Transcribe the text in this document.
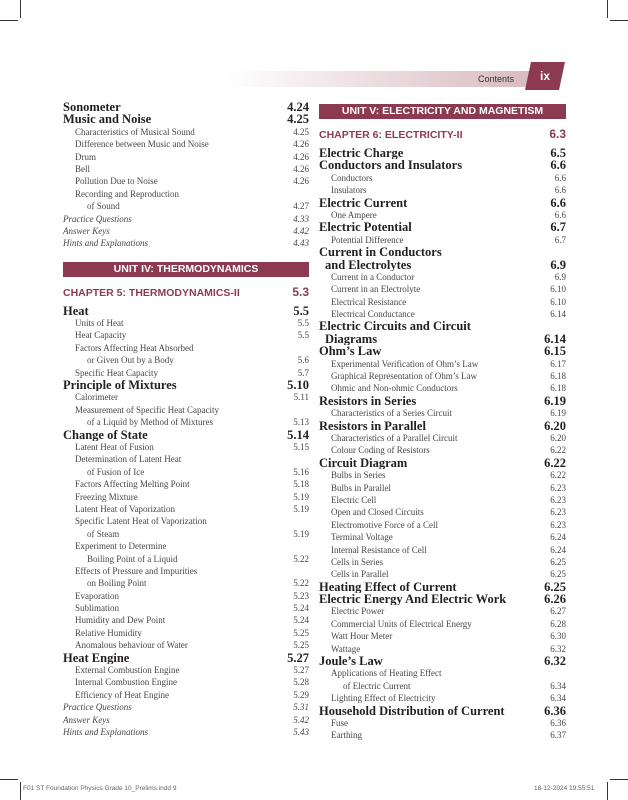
Contents	ix
Sonometer	4.24
Music and Noise	4.25
Characteristics of Musical Sound	4.25
Difference between Music and Noise	4.26
Drum	4.26
Bell	4.26
Pollution Due to Noise	4.26
Recording and Reproduction
of Sound	4.27
Practice Questions	4.33
Answer Keys	4.42
Hints and Explanations	4.43
UNIT IV: THERMODYNAMICS
CHAPTER 5: THERMODYNAMICS-II	5.3
Heat	5.5
Units of Heat	5.5
Heat Capacity	5.5
Factors Affecting Heat Absorbed
or Given Out by a Body	5.6
Specific Heat Capacity	5.7
Principle of Mixtures	5.10
Calorimeter	5.11
Measurement of Specific Heat Capacity
of a Liquid by Method of Mixtures	5.13
Change of State	5.14
Latent Heat of Fusion	5.15
Determination of Latent Heat
of Fusion of Ice	5.16
Factors Affecting Melting Point	5.18
Freezing Mixture	5.19
Latent Heat of Vaporization	5.19
Specific Latent Heat of Vaporization
of Steam	5.19
Experiment to Determine
Boiling Point of a Liquid	5.22
Effects of Pressure and Impurities
on Boiling Point	5.22
Evaporation	5.23
Sublimation	5.24
Humidity and Dew Point	5.24
Relative Humidity	5.25
Anomalous behaviour of Water	5.25
Heat Engine	5.27
External Combustion Engine	5.27
Internal Combustion Engine	5.28
Efficiency of Heat Engine	5.29
Practice Questions	5.31
Answer Keys	5.42
Hints and Explanations	5.43
UNIT V: ELECTRICITY AND MAGNETISM
CHAPTER 6: ELECTRICITY-II	6.3
Electric Charge	6.5
Conductors and Insulators	6.6
Conductors	6.6
Insulators	6.6
Electric Current	6.6
One Ampere	6.6
Electric Potential	6.7
Potential Difference	6.7
Current in Conductors
and Electrolytes	6.9
Current in a Conductor	6.9
Current in an Electrolyte	6.10
Electrical Resistance	6.10
Electrical Conductance	6.14
Electric Circuits and Circuit
Diagrams	6.14
Ohm’s Law	6.15
Experimental Verification of Ohm’s Law	6.17
Graphical Representation of Ohm’s Law	6.18
Ohmic and Non-ohmic Conductors	6.18
Resistors in Series	6.19
Characteristics of a Series Circuit	6.19
Resistors in Parallel	6.20
Characteristics of a Parallel Circuit	6.20
Colour Coding of Resistors	6.22
Circuit Diagram	6.22
Bulbs in Series	6.22
Bulbs in Parallel	6.23
Electric Cell	6.23
Open and Closed Circuits	6.23
Electromotive Force of a Cell	6.23
Terminal Voltage	6.24
Internal Resistance of Cell	6.24
Cells in Series	6.25
Cells in Parallel	6.25
Heating Effect of Current	6.25
Electric Energy And Electric Work	6.26
Electric Power	6.27
Commercial Units of Electrical Energy	6.28
Watt Hour Meter	6.30
Wattage	6.32
Joule’s Law	6.32
Applications of Heating Effect
of Electric Current	6.34
Lighting Effect of Electricity	6.34
Household Distribution of Current	6.36
Fuse	6.36
Earthing	6.37
F01 ST Foundation Physics Grade 10_Prelims.indd 9	18-12-2024 19:55:51
